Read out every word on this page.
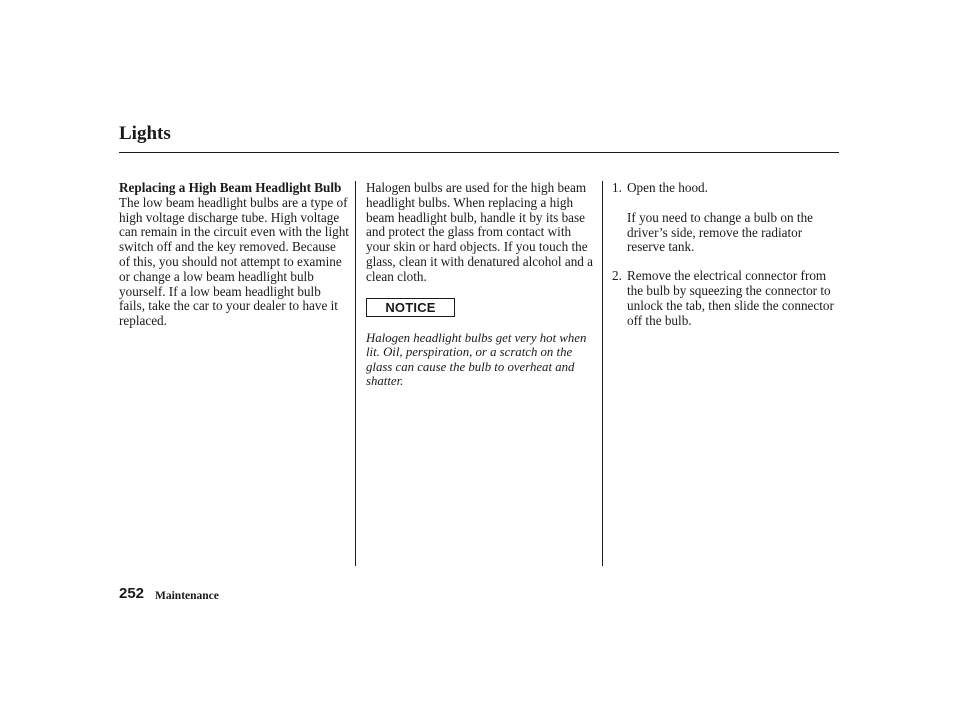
Lights

Replacing a High Beam Headlight Bulb

The low beam headlight bulbs are a type of high voltage discharge tube. High voltage can remain in the circuit even with the light switch off and the key removed. Because of this, you should not attempt to examine or change a low beam headlight bulb yourself. If a low beam headlight bulb fails, take the car to your dealer to have it replaced.

Halogen bulbs are used for the high beam headlight bulbs. When replacing a high beam headlight bulb, handle it by its base and protect the glass from contact with your skin or hard objects. If you touch the glass, clean it with denatured alcohol and a clean cloth.

NOTICE

Halogen headlight bulbs get very hot when lit. Oil, perspiration, or a scratch on the glass can cause the bulb to overheat and shatter.

1. Open the hood.

If you need to change a bulb on the driver’s side, remove the radiator reserve tank.

2. Remove the electrical connector from the bulb by squeezing the connector to unlock the tab, then slide the connector off the bulb.

252 Maintenance
